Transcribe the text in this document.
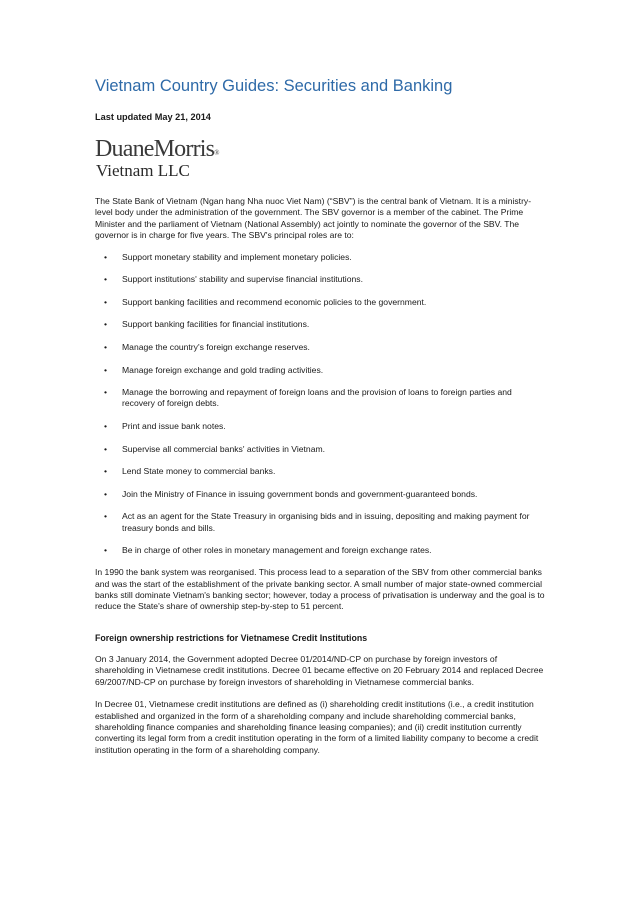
Vietnam Country Guides: Securities and Banking
Last updated May 21, 2014
DuaneMorris®
Vietnam LLC

The State Bank of Vietnam (Ngan hang Nha nuoc Viet Nam) (“SBV”) is the central bank of Vietnam. It is a ministry-level body under the administration of the government. The SBV governor is a member of the cabinet. The Prime Minister and the parliament of Vietnam (National Assembly) act jointly to nominate the governor of the SBV. The governor is in charge for five years. The SBV's principal roles are to:

• Support monetary stability and implement monetary policies.
• Support institutions' stability and supervise financial institutions.
• Support banking facilities and recommend economic policies to the government.
• Support banking facilities for financial institutions.
• Manage the country's foreign exchange reserves.
• Manage foreign exchange and gold trading activities.
• Manage the borrowing and repayment of foreign loans and the provision of loans to foreign parties and recovery of foreign debts.
• Print and issue bank notes.
• Supervise all commercial banks' activities in Vietnam.
• Lend State money to commercial banks.
• Join the Ministry of Finance in issuing government bonds and government-guaranteed bonds.
• Act as an agent for the State Treasury in organising bids and in issuing, depositing and making payment for treasury bonds and bills.
• Be in charge of other roles in monetary management and foreign exchange rates.

In 1990 the bank system was reorganised. This process lead to a separation of the SBV from other commercial banks and was the start of the establishment of the private banking sector. A small number of major state-owned commercial banks still dominate Vietnam's banking sector; however, today a process of privatisation is underway and the goal is to reduce the State's share of ownership step-by-step to 51 percent.

Foreign ownership restrictions for Vietnamese Credit Institutions

On 3 January 2014, the Government adopted Decree 01/2014/ND-CP on purchase by foreign investors of shareholding in Vietnamese credit institutions. Decree 01 became effective on 20 February 2014 and replaced Decree 69/2007/ND-CP on purchase by foreign investors of shareholding in Vietnamese commercial banks.

In Decree 01, Vietnamese credit institutions are defined as (i) shareholding credit institutions (i.e., a credit institution established and organized in the form of a shareholding company and include shareholding commercial banks, shareholding finance companies and shareholding finance leasing companies); and (ii) credit institution currently converting its legal form from a credit institution operating in the form of a limited liability company to become a credit institution operating in the form of a shareholding company.
